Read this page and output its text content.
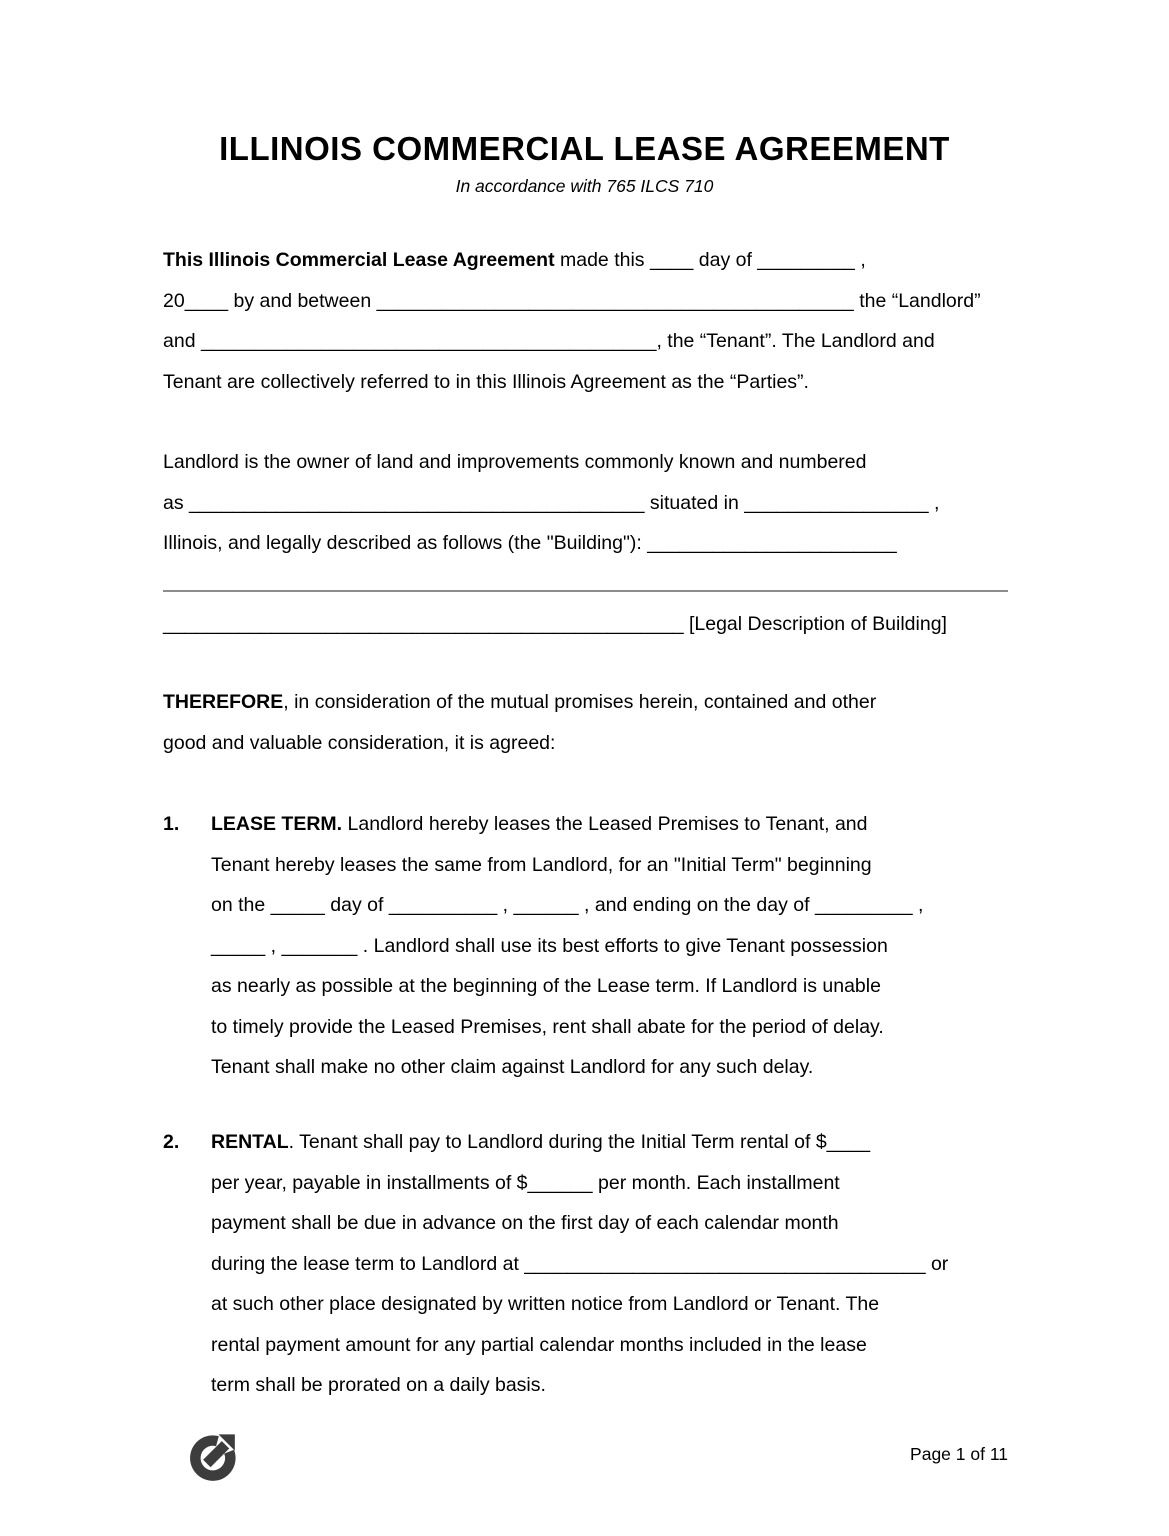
ILLINOIS COMMERCIAL LEASE AGREEMENT
In accordance with 765 ILCS 710
This Illinois Commercial Lease Agreement made this ____ day of _________ ,
20____ by and between ____________________________________________ the “Landlord”
and __________________________________________, the “Tenant”. The Landlord and
Tenant are collectively referred to in this Illinois Agreement as the “Parties”.
Landlord is the owner of land and improvements commonly known and numbered
as __________________________________________ situated in _________________ ,
Illinois, and legally described as follows (the "Building"): _______________________
________________________________________________ [Legal Description of Building]
THEREFORE, in consideration of the mutual promises herein, contained and other
good and valuable consideration, it is agreed:
1. LEASE TERM. Landlord hereby leases the Leased Premises to Tenant, and
Tenant hereby leases the same from Landlord, for an "Initial Term" beginning
on the _____ day of __________ , ______ , and ending on the day of _________ ,
_____ , _______ . Landlord shall use its best efforts to give Tenant possession
as nearly as possible at the beginning of the Lease term. If Landlord is unable
to timely provide the Leased Premises, rent shall abate for the period of delay.
Tenant shall make no other claim against Landlord for any such delay.
2. RENTAL. Tenant shall pay to Landlord during the Initial Term rental of $____
per year, payable in installments of $______ per month. Each installment
payment shall be due in advance on the first day of each calendar month
during the lease term to Landlord at _____________________________________ or
at such other place designated by written notice from Landlord or Tenant. The
rental payment amount for any partial calendar months included in the lease
term shall be prorated on a daily basis.
Page 1 of 11
